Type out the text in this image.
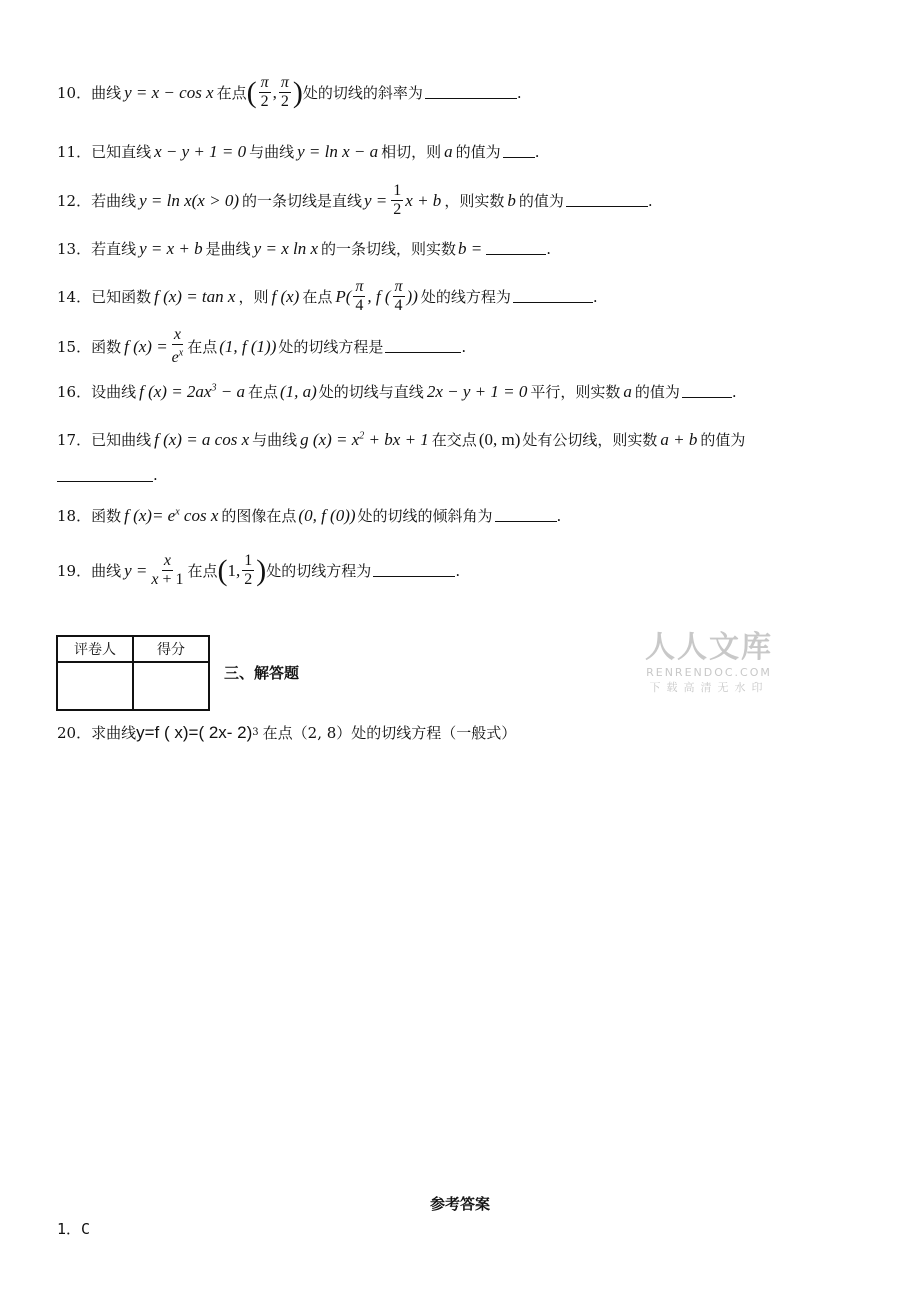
10． 曲线 y = x − cos x 在点 ( $\frac{\pi}{2}$ , $\frac{\pi}{2}$ ) 处的切线的斜率为	.
11． 已知直线 x − y + 1 = 0 与曲线 y = ln x − a 相切，则 a 的值为 .
12． 若曲线 y = ln x(x > 0) 的一条切线是直线 $y = \frac{1}{2}$ x + b ，则实数 b 的值为	.
13． 若直线 y = x + b 是曲线 y = x ln x 的一条切线，则实数 b =	.
14． 已知函数 f (x) = tan x ，则 f (x) 在点 $P( \frac{\pi}{4}$ , f ( $\frac{\pi}{4}$ )) 处的线方程为	.
15． 函数 f $(x) = \frac{x}{e^x}$ 在点 (1, f (1)) 处的切线方程是	.
16． 设曲线 f $(x) = 2ax^3 - a$ 在点 (1, a) 处的切线与直线 2x − y + 1 = 0 平行，则实数 a 的值为	.
17． 已知曲线 f (x) = a cos x 与曲线 g $(x) = x^2$ + bx + 1 在交点 (0, m) 处有公切线，则实数 a + b 的值为
.
18． 函数 f $(x)= e^x$ cos x 的图像在点 (0, f (0)) 处的切线的倾斜角为	.
19． 曲线 $y = \frac{x}{x + 1}$ 在点 ( 1, $\frac{1}{2}$ ) 处的切线方程为	.
评卷人	得分

三、解答题
人人文库
RENRENDOC.COM
下载高清无水印
20． 求曲线 y=f ( x)=( 2x- 2) 3 在点（2, 8）处的切线方程（一般式）
参考答案
1．C
